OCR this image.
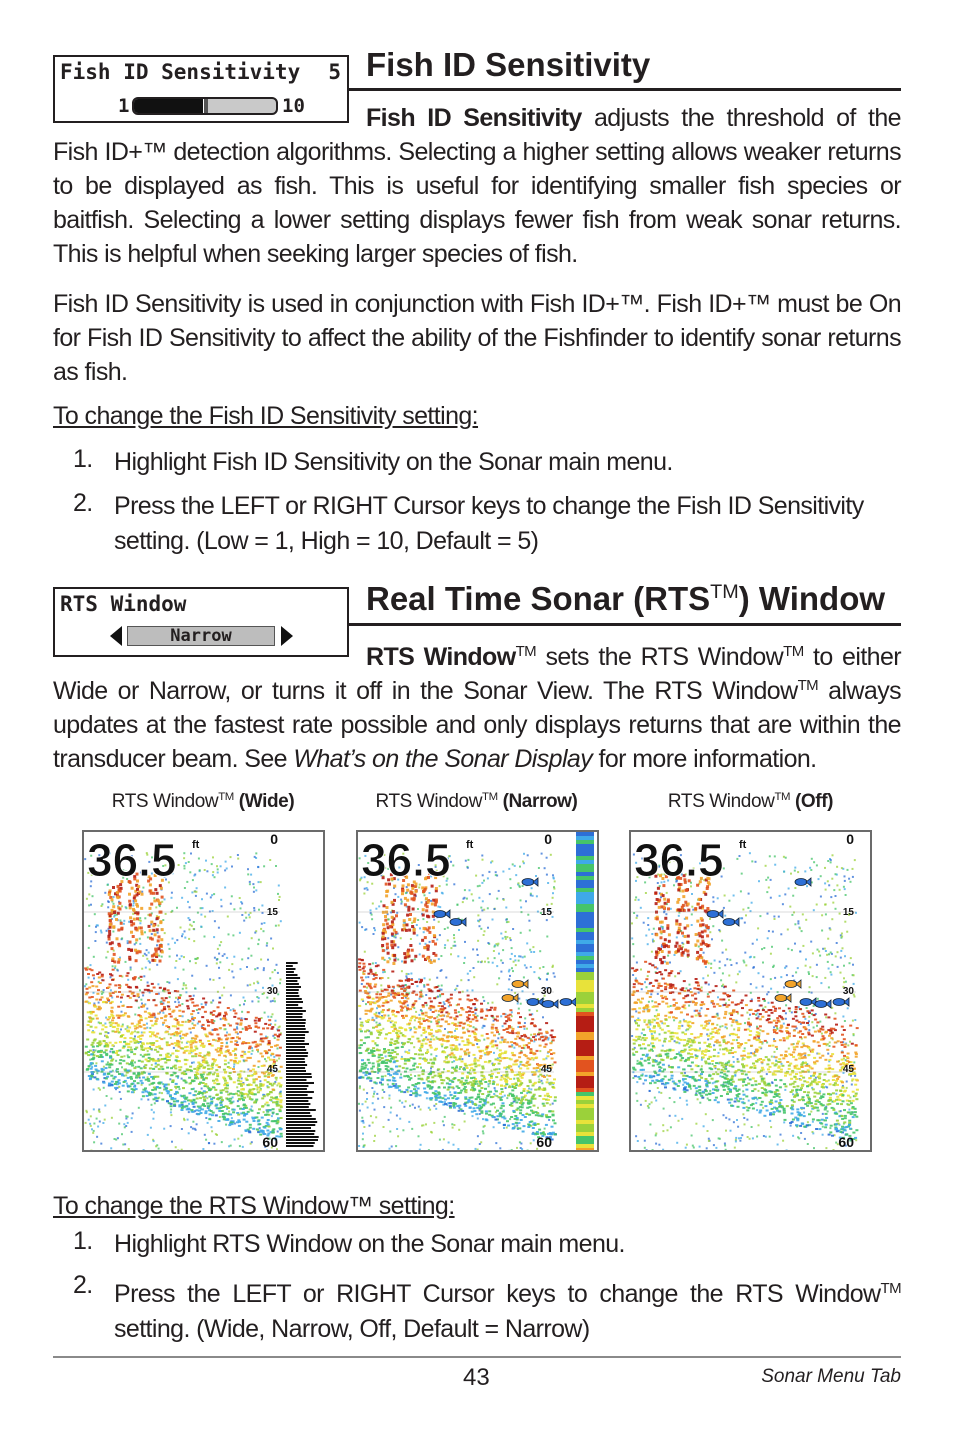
Fish ID Sensitivity 5
1	10
Fish ID Sensitivity
Fish ID Sensitivity adjusts the threshold of the
Fish ID+™ detection algorithms. Selecting a higher setting allows weaker returns to be displayed as fish. This is useful for identifying smaller fish species or baitfish. Selecting a lower setting displays fewer fish from weak sonar returns. This is helpful when seeking larger species of fish.
Fish ID Sensitivity is used in conjunction with Fish ID+™. Fish ID+™ must be On for Fish ID Sensitivity to affect the ability of the Fishfinder to identify sonar returns as fish.
To change the Fish ID Sensitivity setting:
1. Highlight Fish ID Sensitivity on the Sonar main menu.
2. Press the LEFT or RIGHT Cursor keys to change the Fish ID Sensitivity setting. (Low = 1, High = 10, Default = 5)
RTS Window
Narrow
Real Time Sonar (RTS™) Window
RTS Window™ sets the RTS Window™ to either
Wide or Narrow, or turns it off in the Sonar View. The RTS Window™ always updates at the fastest rate possible and only displays returns that are within the transducer beam. See What’s on the Sonar Display for more information.
RTS Window™ (Wide)	RTS Window™ (Narrow)	RTS Window™ (Off)
36.5 ft	0
15
30
45
60
36.5 ft	0
15
30
45
60
36.5 ft	0
15
30
45
60
To change the RTS Window™ setting:
1. Highlight RTS Window on the Sonar main menu.
2. Press the LEFT or RIGHT Cursor keys to change the RTS Window™ setting. (Wide, Narrow, Off, Default = Narrow)
43	Sonar Menu Tab
